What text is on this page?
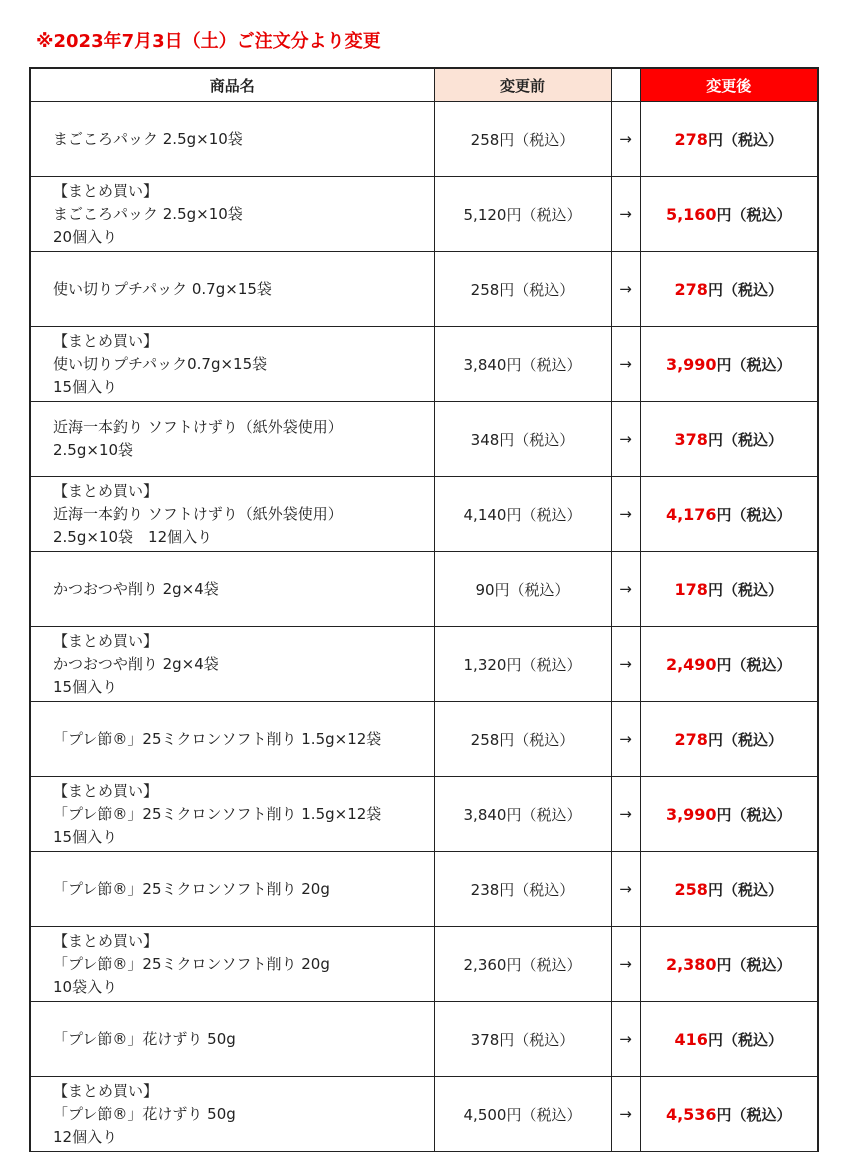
※2023年7月3日（土）ご注文分より変更
商品名	変更前		変更後

まごころパック 2.5g×10袋	258円（税込）	→	278円（税込）

【まとめ買い】
まごころパック 2.5g×10袋
20個入り	5,120円（税込）	→	5,160円（税込）

使い切りプチパック 0.7g×15袋	258円（税込）	→	278円（税込）

【まとめ買い】
使い切りプチパック0.7g×15袋
15個入り	3,840円（税込）	→	3,990円（税込）

近海一本釣り ソフトけずり（紙外袋使用）
2.5g×10袋	348円（税込）	→	378円（税込）

【まとめ買い】
近海一本釣り ソフトけずり（紙外袋使用）
2.5g×10袋　12個入り	4,140円（税込）	→	4,176円（税込）

かつおつや削り 2g×4袋	90円（税込）	→	178円（税込）

【まとめ買い】
かつおつや削り 2g×4袋
15個入り	1,320円（税込）	→	2,490円（税込）

「プレ節®」25ミクロンソフト削り 1.5g×12袋	258円（税込）	→	278円（税込）

【まとめ買い】
「プレ節®」25ミクロンソフト削り 1.5g×12袋
15個入り	3,840円（税込）	→	3,990円（税込）

「プレ節®」25ミクロンソフト削り 20g	238円（税込）	→	258円（税込）

【まとめ買い】
「プレ節®」25ミクロンソフト削り 20g
10袋入り	2,360円（税込）	→	2,380円（税込）

「プレ節®」花けずり 50g	378円（税込）	→	416円（税込）

【まとめ買い】
「プレ節®」花けずり 50g
12個入り	4,500円（税込）	→	4,536円（税込）
